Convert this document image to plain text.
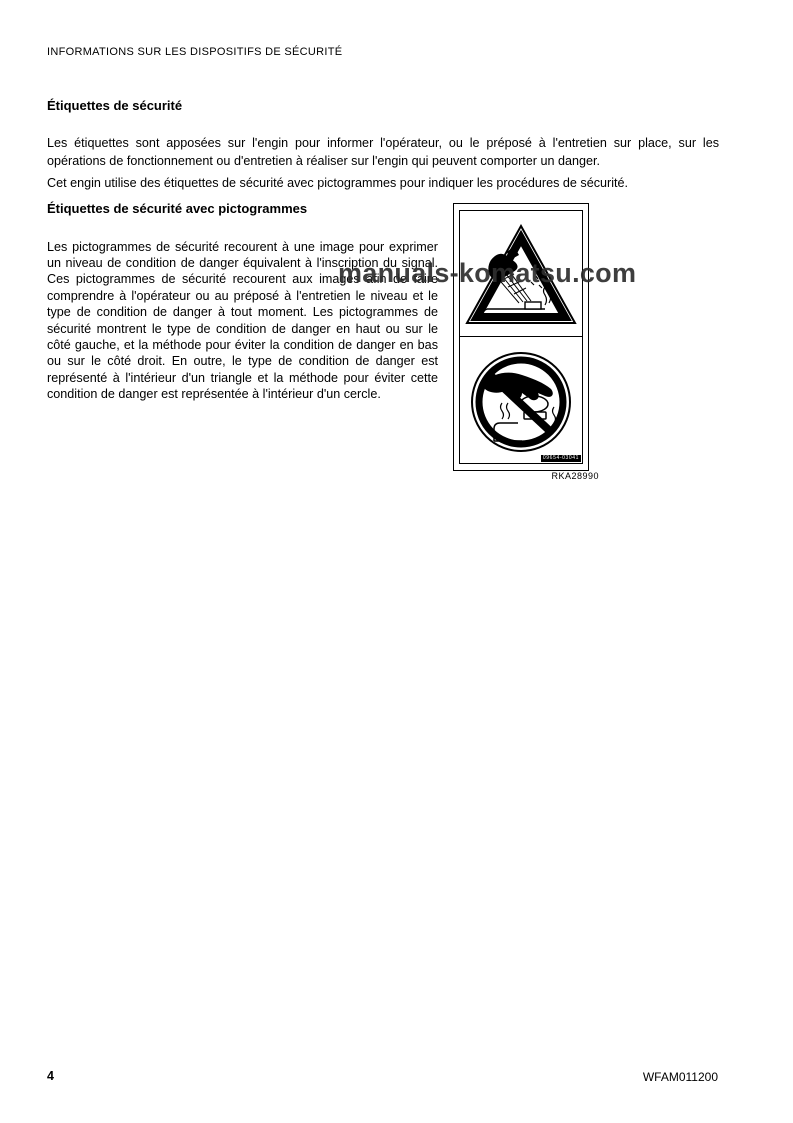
INFORMATIONS SUR LES DISPOSITIFS DE SÉCURITÉ
Étiquettes de sécurité

Les étiquettes sont apposées sur l'engin pour informer l'opérateur, ou le préposé à l'entretien sur place, sur les opérations de fonctionnement ou d'entretien à réaliser sur l'engin qui peuvent comporter un danger.

Cet engin utilise des étiquettes de sécurité avec pictogrammes pour indiquer les procédures de sécurité.

Étiquettes de sécurité avec pictogrammes

Les pictogrammes de sécurité recourent à une image pour exprimer un niveau de condition de danger équivalent à l'inscription du signal. Ces pictogrammes de sécurité recourent aux images afin de faire comprendre à l'opérateur ou au préposé à l'entretien le niveau et le type de condition de danger à tout moment. Les pictogrammes de sécurité montrent le type de condition de danger en haut ou sur le côté gauche, et la méthode pour éviter la condition de danger en bas ou sur le côté droit. En outre, le type de condition de danger est représenté à l'intérieur d'un triangle et la méthode pour éviter cette condition de danger est représentée à l'intérieur d'un cercle.

09654-03041
RKA28990
manuals-komatsu.com
4	WFAM011200
